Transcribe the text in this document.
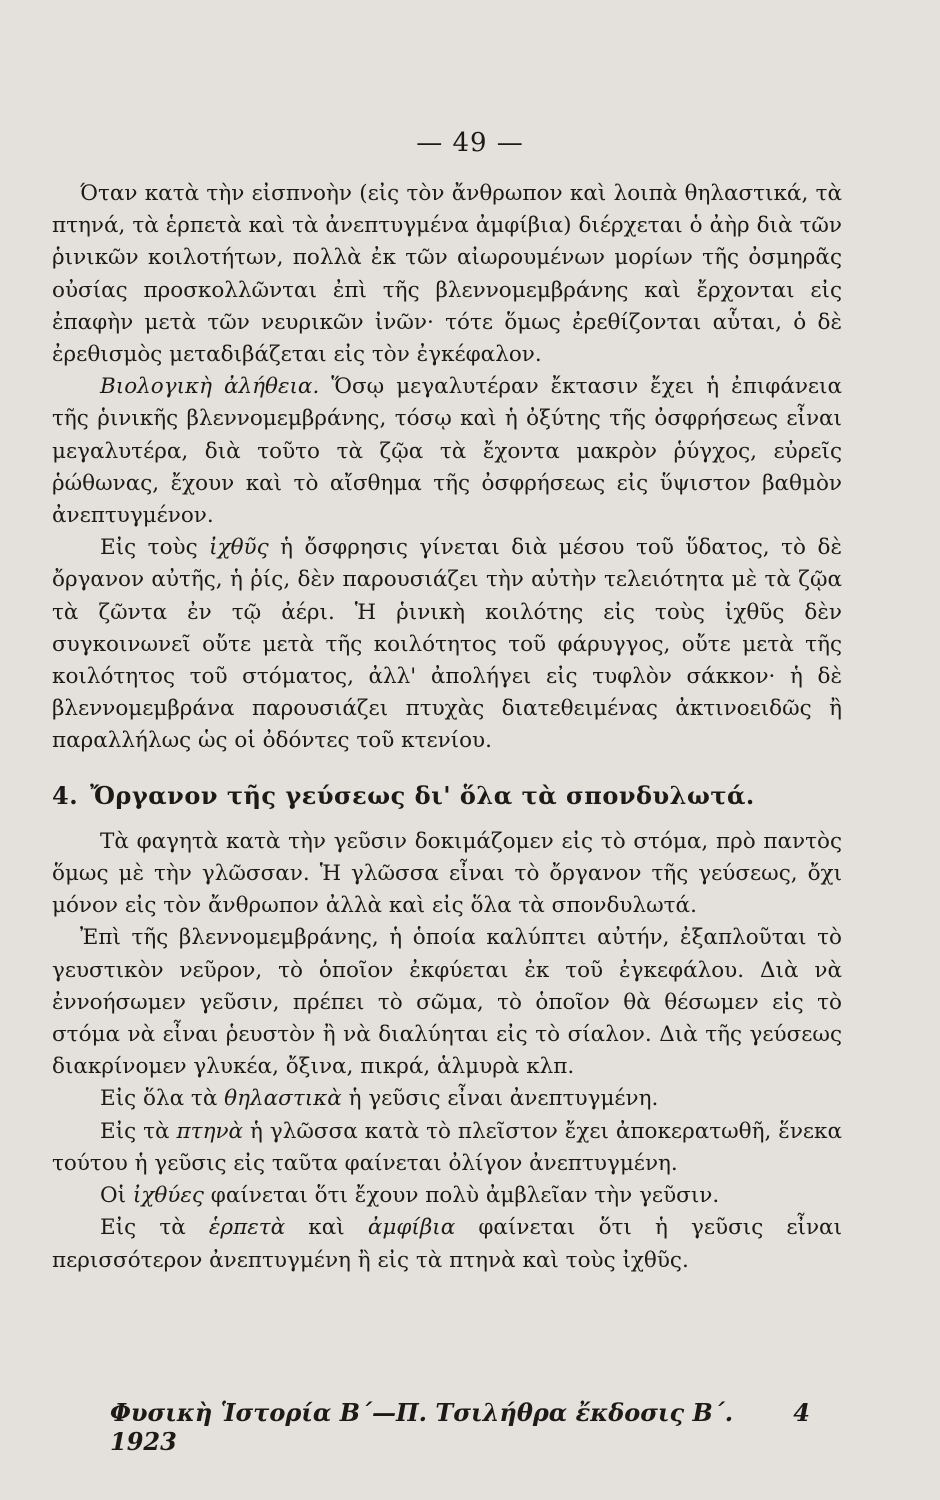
— 49 —

Όταν κατὰ τὴν εἰσπνοὴν (εἰς τὸν ἄνθρωπον καὶ λοιπὰ θηλαστικά, τὰ πτηνά, τὰ ἑρπετὰ καὶ τὰ ἀνεπτυγμένα ἀμφίβια) διέρχεται ὁ ἀὴρ διὰ τῶν ῥινικῶν κοιλοτήτων, πολλὰ ἐκ τῶν αἰωρουμένων μορίων τῆς ὀσμηρᾶς οὐσίας προσκολλῶνται ἐπὶ τῆς βλεννομεμβράνης καὶ ἔρχονται εἰς ἐπαφὴν μετὰ τῶν νευρικῶν ἰνῶν· τότε ὅμως ἐρεθίζονται αὗται, ὁ δὲ ἐρεθισμὸς μεταδιβάζεται εἰς τὸν ἐγκέφαλον.

Βιολογικὴ ἀλήθεια. Ὅσῳ μεγαλυτέραν ἔκτασιν ἔχει ἡ ἐπιφάνεια τῆς ῥινικῆς βλεννομεμβράνης, τόσῳ καὶ ἡ ὀξύτης τῆς ὀσφρήσεως εἶναι μεγαλυτέρα, διὰ τοῦτο τὰ ζῷα τὰ ἔχοντα μακρὸν ῥύγχος, εὐρεῖς ῥώθωνας, ἔχουν καὶ τὸ αἴσθημα τῆς ὀσφρήσεως εἰς ὕψιστον βαθμὸν ἀνεπτυγμένον.

Εἰς τοὺς ἰχθῦς ἡ ὄσφρησις γίνεται διὰ μέσου τοῦ ὕδατος, τὸ δὲ ὄργανον αὐτῆς, ἡ ῥίς, δὲν παρουσιάζει τὴν αὐτὴν τελειότητα μὲ τὰ ζῷα τὰ ζῶντα ἐν τῷ ἀέρι. Ἡ ῥινικὴ κοιλότης εἰς τοὺς ἰχθῦς δὲν συγκοινωνεῖ οὔτε μετὰ τῆς κοιλότητος τοῦ φάρυγγος, οὔτε μετὰ τῆς κοιλότητος τοῦ στόματος, ἀλλ' ἀπολήγει εἰς τυφλὸν σάκκον· ἡ δὲ βλεννομεμβράνα παρουσιάζει πτυχὰς διατεθειμένας ἀκτινοειδῶς ἢ παραλλήλως ὡς οἱ ὀδόντες τοῦ κτενίου.

4. Ὄργανον τῆς γεύσεως δι' ὅλα τὰ σπονδυλωτά.

Τὰ φαγητὰ κατὰ τὴν γεῦσιν δοκιμάζομεν εἰς τὸ στόμα, πρὸ παντὸς ὅμως μὲ τὴν γλῶσσαν. Ἡ γλῶσσα εἶναι τὸ ὄργανον τῆς γεύσεως, ὄχι μόνον εἰς τὸν ἄνθρωπον ἀλλὰ καὶ εἰς ὅλα τὰ σπονδυλωτά.

Ἐπὶ τῆς βλεννομεμβράνης, ἡ ὁποία καλύπτει αὐτήν, ἐξαπλοῦται τὸ γευστικὸν νεῦρον, τὸ ὁποῖον ἐκφύεται ἐκ τοῦ ἐγκεφάλου. Διὰ νὰ ἐννοήσωμεν γεῦσιν, πρέπει τὸ σῶμα, τὸ ὁποῖον θὰ θέσωμεν εἰς τὸ στόμα νὰ εἶναι ῥευστὸν ἢ νὰ διαλύηται εἰς τὸ σίαλον. Διὰ τῆς γεύσεως διακρίνομεν γλυκέα, ὄξινα, πικρά, ἁλμυρὰ κλπ.

Εἰς ὅλα τὰ θηλαστικὰ ἡ γεῦσις εἶναι ἀνεπτυγμένη.

Εἰς τὰ πτηνὰ ἡ γλῶσσα κατὰ τὸ πλεῖστον ἔχει ἀποκερατωθῆ, ἕνεκα τούτου ἡ γεῦσις εἰς ταῦτα φαίνεται ὀλίγον ἀνεπτυγμένη.

Οἱ ἰχθύες φαίνεται ὅτι ἔχουν πολὺ ἀμβλεῖαν τὴν γεῦσιν.

Εἰς τὰ ἑρπετὰ καὶ ἀμφίβια φαίνεται ὅτι ἡ γεῦσις εἶναι περισσότερον ἀνεπτυγμένη ἢ εἰς τὰ πτηνὰ καὶ τοὺς ἰχθῦς.

Φυσικὴ Ἱστορία Β΄—Π. Τσιλήθρα ἔκδοσις Β΄. 1923
4
